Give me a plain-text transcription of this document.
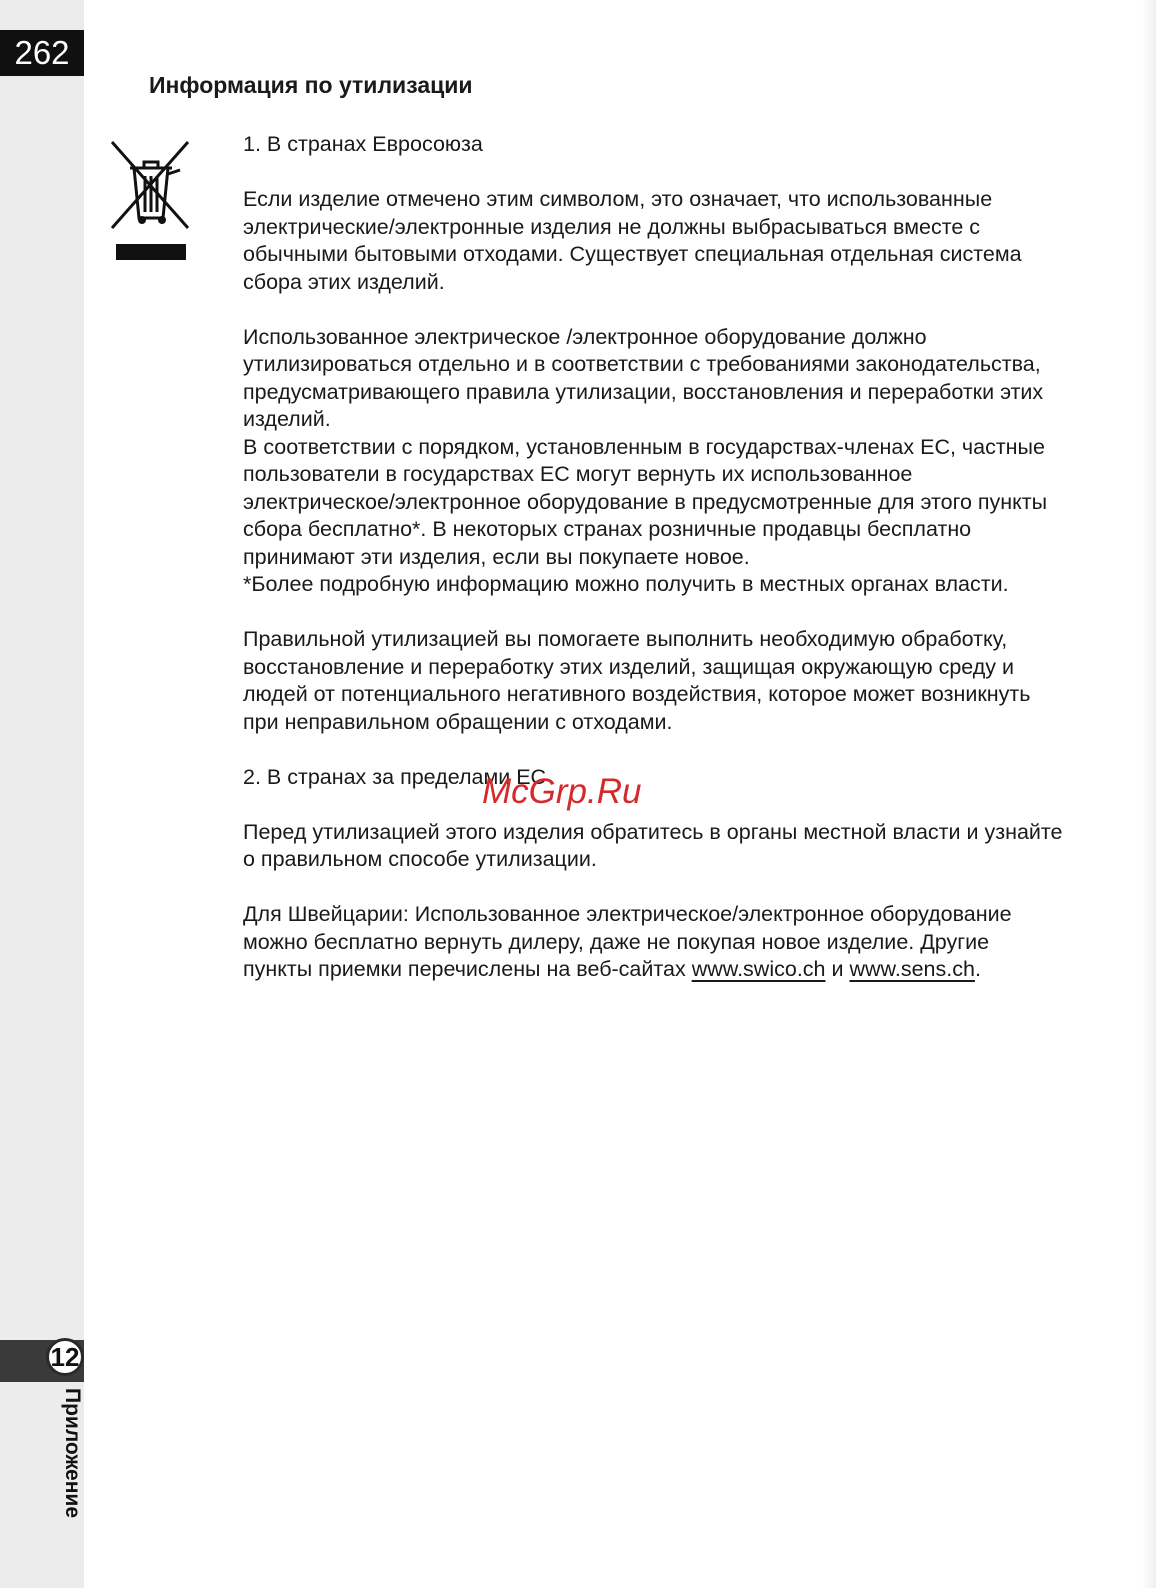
262
12
Приложение
Информация по утилизации

1. В странах Евросоюза

Если изделие отмечено этим символом, это означает, что использованные электрические/электронные изделия не должны выбрасываться вместе с обычными бытовыми отходами. Существует специальная отдельная система сбора этих изделий.

Использованное электрическое /электронное оборудование должно утилизироваться отдельно и в соответствии с требованиями законодательства, предусматривающего правила утилизации, восстановления и переработки этих изделий.

В соответствии с порядком, установленным в государствах-членах ЕС, частные пользователи в государствах ЕС могут вернуть их использованное электрическое/электронное оборудование в предусмотренные для этого пункты сбора бесплатно*. В некоторых странах розничные продавцы бесплатно принимают эти изделия, если вы покупаете новое.

*Более подробную информацию можно получить в местных органах власти.

Правильной утилизацией вы помогаете выполнить необходимую обработку, восстановление и переработку этих изделий, защищая окружающую среду и людей от потенциального негативного воздействия, которое может возникнуть при неправильном обращении с отходами.

2. В странах за пределами ЕС

Перед утилизацией этого изделия обратитесь в органы местной власти и узнайте о правильном способе утилизации.

Для Швейцарии: Использованное электрическое/электронное оборудование можно бесплатно вернуть дилеру, даже не покупая новое изделие. Другие пункты приемки перечислены на веб-сайтах www.swico.ch и www.sens.ch.

McGrp.Ru
